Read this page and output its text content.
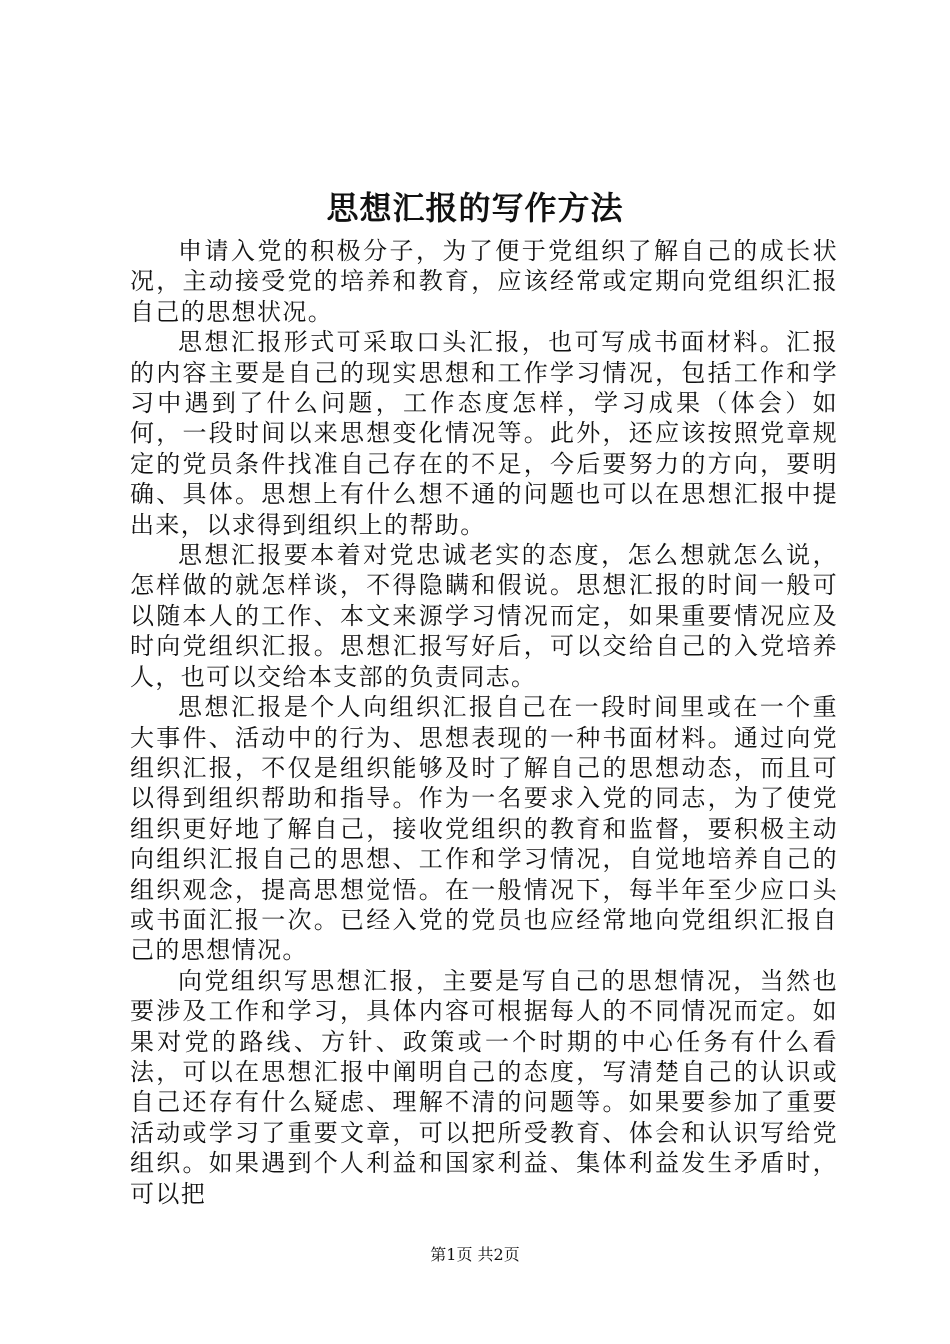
思想汇报的写作方法

申请入党的积极分子，为了便于党组织了解自己的成长状况，主动接受党的培养和教育，应该经常或定期向党组织汇报自己的思想状况。

思想汇报形式可采取口头汇报，也可写成书面材料。汇报的内容主要是自己的现实思想和工作学习情况，包括工作和学习中遇到了什么问题，工作态度怎样，学习成果（体会）如何，一段时间以来思想变化情况等。此外，还应该按照党章规定的党员条件找准自己存在的不足，今后要努力的方向，要明确、具体。思想上有什么想不通的问题也可以在思想汇报中提出来，以求得到组织上的帮助。

思想汇报要本着对党忠诚老实的态度，怎么想就怎么说，怎样做的就怎样谈，不得隐瞒和假说。思想汇报的时间一般可以随本人的工作、本文来源学习情况而定，如果重要情况应及时向党组织汇报。思想汇报写好后，可以交给自己的入党培养人，也可以交给本支部的负责同志。

思想汇报是个人向组织汇报自己在一段时间里或在一个重大事件、活动中的行为、思想表现的一种书面材料。通过向党组织汇报，不仅是组织能够及时了解自己的思想动态，而且可以得到组织帮助和指导。作为一名要求入党的同志，为了使党组织更好地了解自己，接收党组织的教育和监督，要积极主动向组织汇报自己的思想、工作和学习情况，自觉地培养自己的组织观念，提高思想觉悟。在一般情况下，每半年至少应口头或书面汇报一次。已经入党的党员也应经常地向党组织汇报自己的思想情况。

向党组织写思想汇报，主要是写自己的思想情况，当然也要涉及工作和学习，具体内容可根据每人的不同情况而定。如果对党的路线、方针、政策或一个时期的中心任务有什么看法，可以在思想汇报中阐明自己的态度，写清楚自己的认识或自己还存有什么疑虑、理解不清的问题等。如果要参加了重要活动或学习了重要文章，可以把所受教育、体会和认识写给党组织。如果遇到个人利益和国家利益、集体利益发生矛盾时，可以把

第1页 共2页
